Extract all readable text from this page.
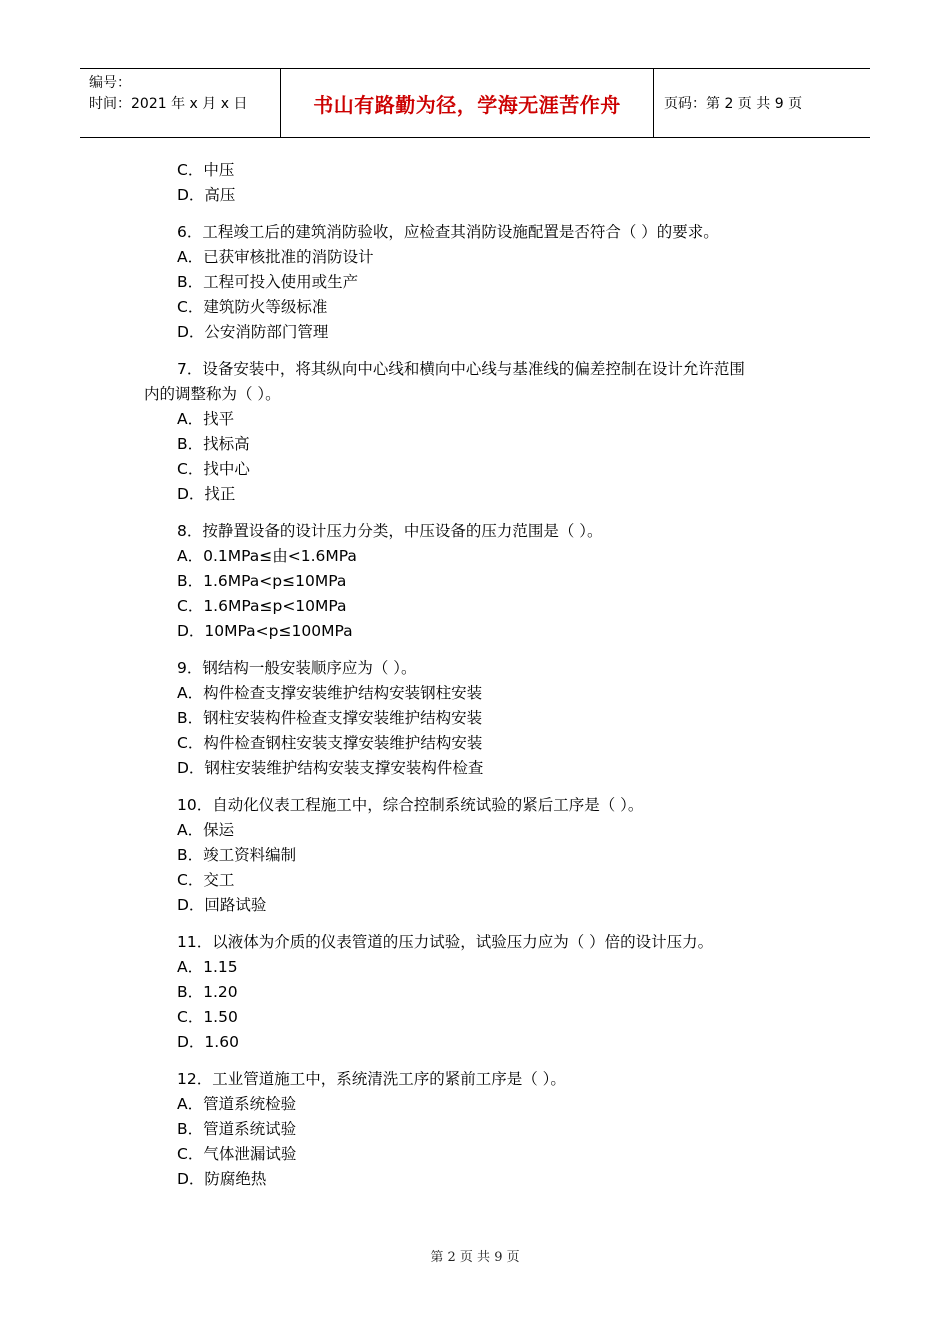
编号：
时间：2021 年 x 月 x 日	书山有路勤为径，学海无涯苦作舟	页码：第 2 页 共 9 页
C．中压
D．高压
6．工程竣工后的建筑消防验收，应检查其消防设施配置是否符合（ ）的要求。
A．已获审核批准的消防设计
B．工程可投入使用或生产
C．建筑防火等级标准
D．公安消防部门管理
7．设备安装中，将其纵向中心线和横向中心线与基准线的偏差控制在设计允许范围
内的调整称为（ ）。
A．找平
B．找标高
C．找中心
D．找正
8．按静置设备的设计压力分类，中压设备的压力范围是（ ）。
A．0.1MPa≤由<1.6MPa
B．1.6MPa<p≤10MPa
C．1.6MPa≤p<10MPa
D．10MPa<p≤100MPa
9．钢结构一般安装顺序应为（ ）。
A．构件检查支撑安装维护结构安装钢柱安装
B．钢柱安装构件检查支撑安装维护结构安装
C．构件检查钢柱安装支撑安装维护结构安装
D．钢柱安装维护结构安装支撑安装构件检查
10．自动化仪表工程施工中，综合控制系统试验的紧后工序是（ ）。
A．保运
B．竣工资料编制
C．交工
D．回路试验
11．以液体为介质的仪表管道的压力试验，试验压力应为（ ）倍的设计压力。
A．1.15
B．1.20
C．1.50
D．1.60
12．工业管道施工中，系统清洗工序的紧前工序是（ ）。
A．管道系统检验
B．管道系统试验
C．气体泄漏试验
D．防腐绝热
第 2 页 共 9 页
